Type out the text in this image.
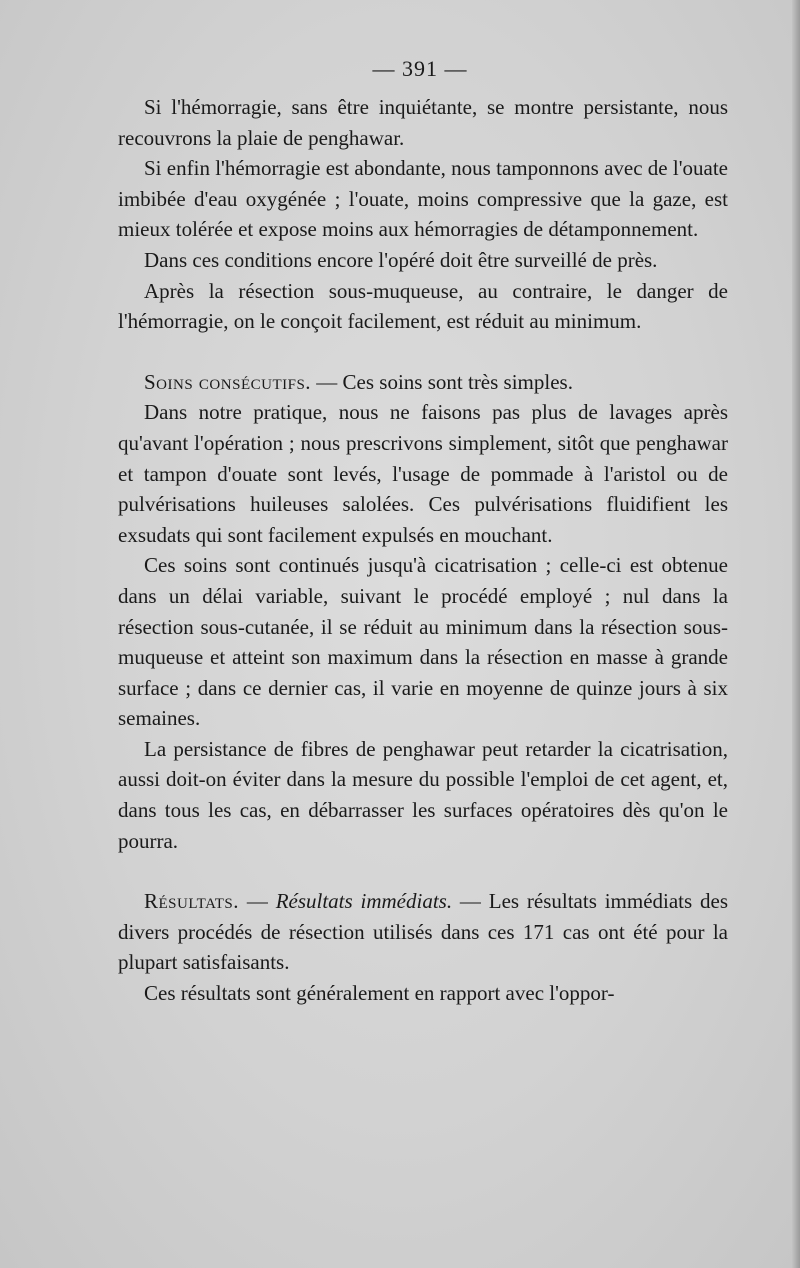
— 391 —

Si l'hémorragie, sans être inquiétante, se montre persistante, nous recouvrons la plaie de penghawar.

Si enfin l'hémorragie est abondante, nous tamponnons avec de l'ouate imbibée d'eau oxygénée ; l'ouate, moins compressive que la gaze, est mieux tolérée et expose moins aux hémorragies de détamponnement.

Dans ces conditions encore l'opéré doit être surveillé de près.

Après la résection sous-muqueuse, au contraire, le danger de l'hémorragie, on le conçoit facilement, est réduit au minimum.

Soins consécutifs. — Ces soins sont très simples.

Dans notre pratique, nous ne faisons pas plus de lavages après qu'avant l'opération ; nous prescrivons simplement, sitôt que penghawar et tampon d'ouate sont levés, l'usage de pommade à l'aristol ou de pulvérisations huileuses salolées. Ces pulvérisations fluidifient les exsudats qui sont facilement expulsés en mouchant.

Ces soins sont continués jusqu'à cicatrisation ; celle-ci est obtenue dans un délai variable, suivant le procédé employé ; nul dans la résection sous-cutanée, il se réduit au minimum dans la résection sous-muqueuse et atteint son maximum dans la résection en masse à grande surface ; dans ce dernier cas, il varie en moyenne de quinze jours à six semaines.

La persistance de fibres de penghawar peut retarder la cicatrisation, aussi doit-on éviter dans la mesure du possible l'emploi de cet agent, et, dans tous les cas, en débarrasser les surfaces opératoires dès qu'on le pourra.

Résultats. — Résultats immédiats. — Les résultats immédiats des divers procédés de résection utilisés dans ces 171 cas ont été pour la plupart satisfaisants.

Ces résultats sont généralement en rapport avec l'oppor-
